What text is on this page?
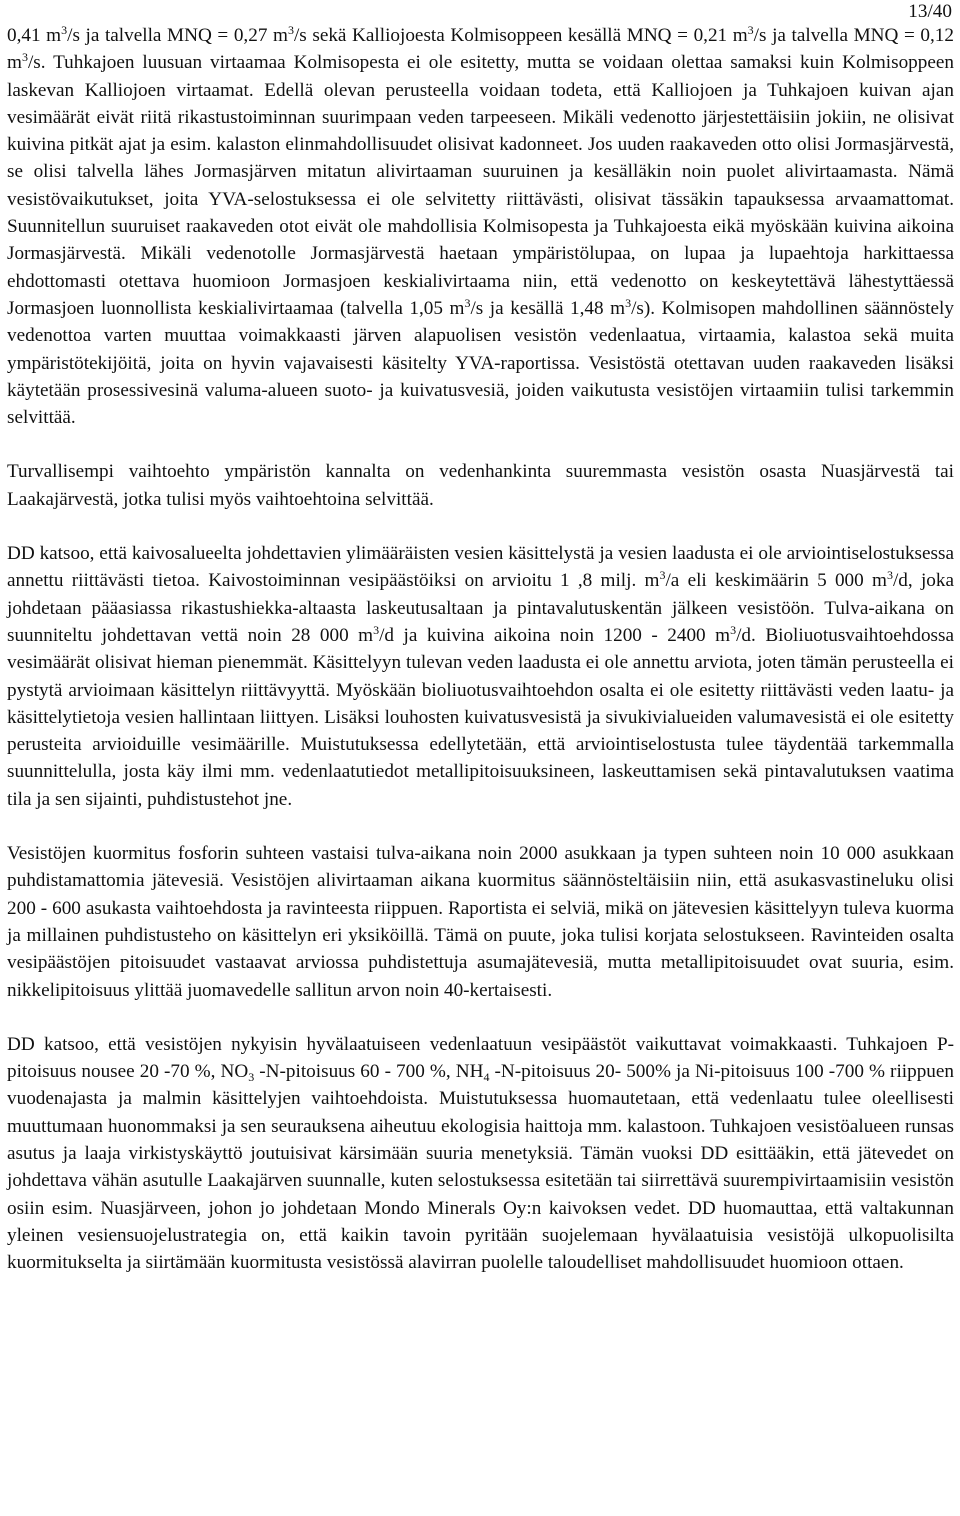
13/40

0,41 $m^3/s$ ja talvella MNQ = 0,27 $m^3/s$ sekä Kalliojoesta Kolmisoppeen kesällä MNQ = 0,21 $m^3/s$ ja talvella MNQ = 0,12 $m^3/s$. Tuhkajoen luusuan virtaamaa Kolmisopesta ei ole esitetty, mutta se voidaan olettaa samaksi kuin Kolmisoppeen laskevan Kalliojoen virtaamat. Edellä olevan perusteella voidaan todeta, että Kalliojoen ja Tuhkajoen kuivan ajan vesimäärät eivät riitä rikastustoiminnan suurimpaan veden tarpeeseen. Mikäli vedenotto järjestettäisiin jokiin, ne olisivat kuivina pitkät ajat ja esim. kalaston elinmahdollisuudet olisivat kadonneet. Jos uuden raakaveden otto olisi Jormasjärvestä, se olisi talvella lähes Jormasjärven mitatun alivirtaaman suuruinen ja kesälläkin noin puolet alivirtaamasta. Nämä vesistövaikutukset, joita YVA-selostuksessa ei ole selvitetty riittävästi, olisivat tässäkin tapauksessa arvaamattomat. Suunnitellun suuruiset raakaveden otot eivät ole mahdollisia Kolmisopesta ja Tuhkajoesta eikä myöskään kuivina aikoina Jormasjärvestä. Mikäli vedenotolle Jormasjärvestä haetaan ympäristölupaa, on lupaa ja lupaehtoja harkittaessa ehdottomasti otettava huomioon Jormasjoen keskialivirtaama niin, että vedenotto on keskeytettävä lähestyttäessä Jormasjoen luonnollista keskialivirtaamaa (talvella 1,05 $m^3/s$ ja kesällä 1,48 $m^3/s$). Kolmisopen mahdollinen säännöstely vedenottoa varten muuttaa voimakkaasti järven alapuolisen vesistön vedenlaatua, virtaamia, kalastoa sekä muita ympäristötekijöitä, joita on hyvin vajavaisesti käsitelty YVA-raportissa. Vesistöstä otettavan uuden raakaveden lisäksi käytetään prosessivesinä valuma-alueen suoto- ja kuivatusvesiä, joiden vaikutusta vesistöjen virtaamiin tulisi tarkemmin selvittää.

Turvallisempi vaihtoehto ympäristön kannalta on vedenhankinta suuremmasta vesistön osasta Nuasjärvestä tai Laakajärvestä, jotka tulisi myös vaihtoehtoina selvittää.

DD katsoo, että kaivosalueelta johdettavien ylimääräisten vesien käsittelystä ja vesien laadusta ei ole arviointiselostuksessa annettu riittävästi tietoa. Kaivostoiminnan vesipäästöiksi on arvioitu 1 ,8 milj. $m^3/a$ eli keskimäärin 5 000 $m^3/d$, joka johdetaan pääasiassa rikastushiekka-altaasta laskeutusaltaan ja pintavalutuskentän jälkeen vesistöön. Tulva-aikana on suunniteltu johdettavan vettä noin 28 000 $m^3/d$ ja kuivina aikoina noin 1200 - 2400 $m^3/d$. Bioliuotusvaihtoehdossa vesimäärät olisivat hieman pienemmät. Käsittelyyn tulevan veden laadusta ei ole annettu arviota, joten tämän perusteella ei pystytä arvioimaan käsittelyn riittävyyttä. Myöskään bioliuotusvaihtoehdon osalta ei ole esitetty riittävästi veden laatu- ja käsittelytietoja vesien hallintaan liittyen. Lisäksi louhosten kuivatusvesistä ja sivukivialueiden valumavesistä ei ole esitetty perusteita arvioiduille vesimäärille. Muistutuksessa edellytetään, että arviointiselostusta tulee täydentää tarkemmalla suunnittelulla, josta käy ilmi mm. vedenlaatutiedot metallipitoisuuksineen, laskeuttamisen sekä pintavalutuksen vaatima tila ja sen sijainti, puhdistustehot jne.

Vesistöjen kuormitus fosforin suhteen vastaisi tulva-aikana noin 2000 asukkaan ja typen suhteen noin 10 000 asukkaan puhdistamattomia jätevesiä. Vesistöjen alivirtaaman aikana kuormitus säännösteltäisiin niin, että asukasvastineluku olisi 200 - 600 asukasta vaihtoehdosta ja ravinteesta riippuen. Raportista ei selviä, mikä on jätevesien käsittelyyn tuleva kuorma ja millainen puhdistusteho on käsittelyn eri yksiköillä. Tämä on puute, joka tulisi korjata selostukseen. Ravinteiden osalta vesipäästöjen pitoisuudet vastaavat arviossa puhdistettuja asumajätevesiä, mutta metallipitoisuudet ovat suuria, esim. nikkelipitoisuus ylittää juomavedelle sallitun arvon noin 40-kertaisesti.

DD katsoo, että vesistöjen nykyisin hyvälaatuiseen vedenlaatuun vesipäästöt vaikuttavat voimakkaasti. Tuhkajoen P-pitoisuus nousee 20 -70 %, $NO_3$ -N-pitoisuus 60 - 700 %, $NH_4$ -N-pitoisuus 20- 500% ja Ni-pitoisuus 100 -700 % riippuen vuodenajasta ja malmin käsittelyjen vaihtoehdoista. Muistutuksessa huomautetaan, että vedenlaatu tulee oleellisesti muuttumaan huonommaksi ja sen seurauksena aiheutuu ekologisia haittoja mm. kalastoon. Tuhkajoen vesistöalueen runsas asutus ja laaja virkistyskäyttö joutuisivat kärsimään suuria menetyksiä. Tämän vuoksi DD esittääkin, että jätevedet on johdettava vähän asutulle Laakajärven suunnalle, kuten selostuksessa esitetään tai siirrettävä suurempivirtaamisiin vesistön osiin esim. Nuasjärveen, johon jo johdetaan Mondo Minerals Oy:n kaivoksen vedet. DD huomauttaa, että valtakunnan yleinen vesiensuojelustrategia on, että kaikin tavoin pyritään suojelemaan hyvälaatuisia vesistöjä ulkopuolisilta kuormitukselta ja siirtämään kuormitusta vesistössä alavirran puolelle taloudelliset mahdollisuudet huomioon ottaen.
